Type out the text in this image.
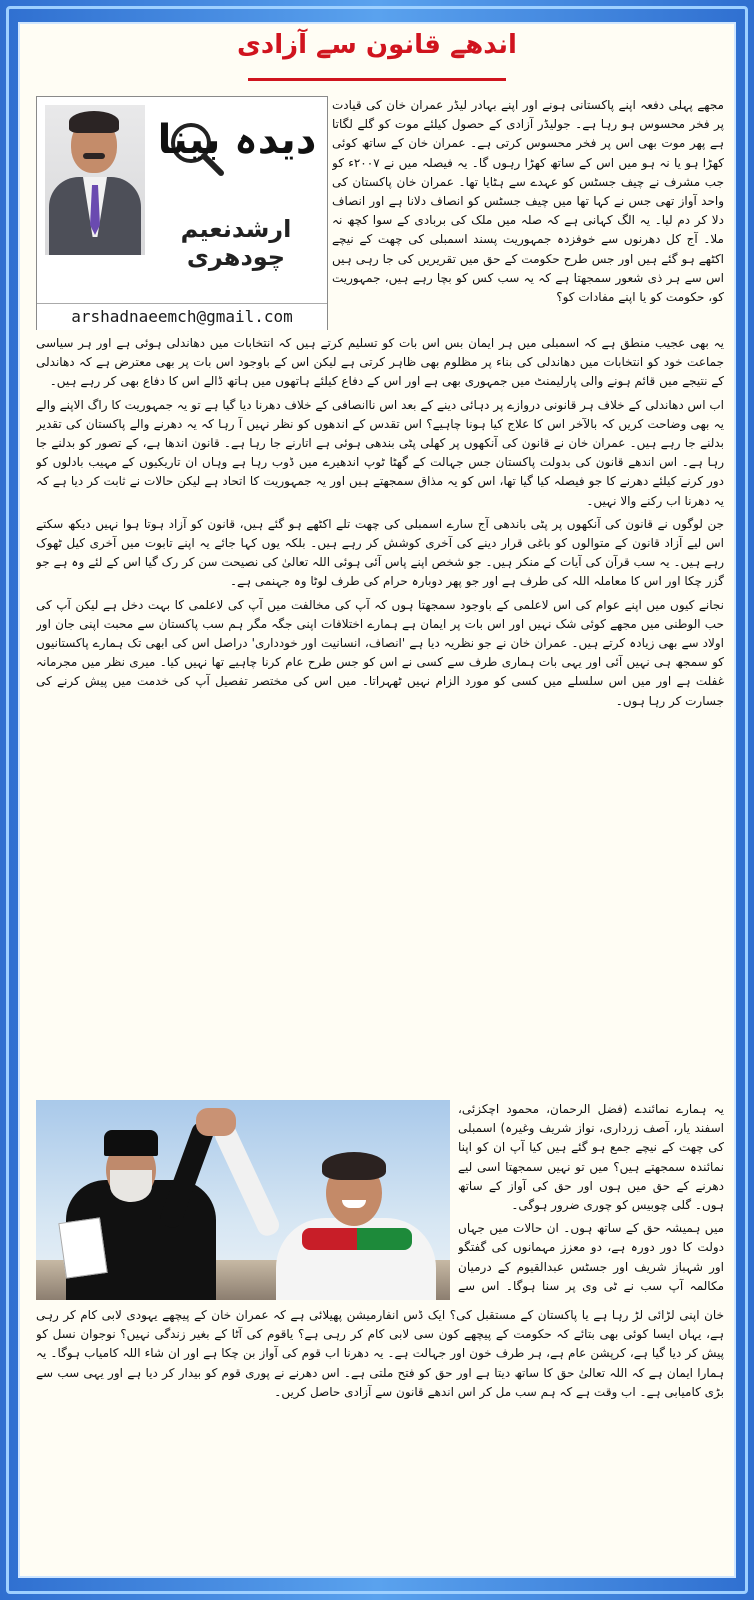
اندھے قانون سے آزادی
دیدہ بینا
ارشدنعیم چودھری
arshadnaeemch@gmail.com

مجھے پہلی دفعہ اپنے پاکستانی ہونے اور اپنے بہادر لیڈر عمران خان کی قیادت پر فخر محسوس ہو رہا ہے۔ جولیڈر آزادی کے حصول کیلئے موت کو گلے لگاتا ہے پھر موت بھی اس پر فخر محسوس کرتی ہے۔ عمران خان کے ساتھ کوئی کھڑا ہو یا نہ ہو میں اس کے ساتھ کھڑا رہوں گا۔ یہ فیصلہ میں نے ۲۰۰۷ء کو جب مشرف نے چیف جسٹس کو عہدے سے ہٹایا تھا۔ عمران خان پاکستان کی واحد آواز تھی جس نے کہا تھا میں چیف جسٹس کو انصاف دلانا ہے اور انصاف دلا کر دم لیا۔ یہ الگ کہانی ہے کہ صلہ میں ملک کی بربادی کے سوا کچھ نہ ملا۔ آج کل دھرنوں سے خوفزدہ جمہوریت پسند اسمبلی کی چھت کے نیچے اکٹھے ہو گئے ہیں اور جس طرح حکومت کے حق میں تقریریں کی جا رہی ہیں اس سے ہر ذی شعور سمجھتا ہے کہ یہ سب کس کو بچا رہے ہیں، جمہوریت کو، حکومت کو یا اپنے مفادات کو؟

یہ بھی عجیب منطق ہے کہ اسمبلی میں ہر ایمان بس اس بات کو تسلیم کرتے ہیں کہ انتخابات میں دھاندلی ہوئی ہے اور ہر سیاسی جماعت خود کو انتخابات میں دھاندلی کی بناء پر مظلوم بھی ظاہر کرتی ہے لیکن اس کے باوجود اس بات پر بھی معترض ہے کہ دھاندلی کے نتیجے میں قائم ہونے والی پارلیمنٹ میں جمہوری بھی ہے اور اس کے دفاع کیلئے ہاتھوں میں ہاتھ ڈالے اس کا دفاع بھی کر رہے ہیں۔

اب اس دھاندلی کے خلاف ہر قانونی دروازے پر دہائی دینے کے بعد اس ناانصافی کے خلاف دھرنا دیا گیا ہے تو یہ جمہوریت کا راگ الاپنے والے یہ بھی وضاحت کریں کہ بالآخر اس کا علاج کیا ہونا چاہیے؟ اس تقدس کے اندھوں کو نظر نہیں آ رہا کہ یہ دھرنے والے پاکستان کی تقدیر بدلنے جا رہے ہیں۔ عمران خان نے قانون کی آنکھوں پر کھلی پٹی بندھی ہوئی ہے اتارنے جا رہا ہے۔ قانون اندھا ہے، کے تصور کو بدلنے جا رہا ہے۔ اس اندھے قانون کی بدولت پاکستان جس جہالت کے گھٹا ٹوپ اندھیرے میں ڈوب رہا ہے وہاں ان تاریکیوں کے مہیب بادلوں کو دور کرنے کیلئے دھرنے کا جو فیصلہ کیا گیا تھا، اس کو یہ مذاق سمجھتے ہیں اور یہ جمہوریت کا اتحاد ہے لیکن حالات نے ثابت کر دیا ہے کہ یہ دھرنا اب رکنے والا نہیں۔

جن لوگوں نے قانون کی آنکھوں پر پٹی باندھی آج سارے اسمبلی کی چھت تلے اکٹھے ہو گئے ہیں، قانون کو آزاد ہوتا ہوا نہیں دیکھ سکتے اس لیے آزاد قانون کے متوالوں کو باغی قرار دینے کی آخری کوشش کر رہے ہیں۔ بلکہ یوں کہا جائے یہ اپنے تابوت میں آخری کیل ٹھوک رہے ہیں۔ یہ سب قرآن کی آیات کے منکر ہیں۔ جو شخص اپنے پاس آئی ہوئی اللہ تعالیٰ کی نصیحت سن کر رک گیا اس کے لئے وہ ہے جو گزر چکا اور اس کا معاملہ اللہ کی طرف ہے اور جو پھر دوبارہ حرام کی طرف لوٹا وہ جہنمی ہے۔

نجانے کیوں میں اپنے عوام کی اس لاعلمی کے باوجود سمجھتا ہوں کہ آپ کی مخالفت میں آپ کی لاعلمی کا بہت دخل ہے لیکن آپ کی حب الوطنی میں مجھے کوئی شک نہیں اور اس بات پر ایمان ہے ہمارے اختلافات اپنی جگہ مگر ہم سب پاکستان سے محبت اپنی جان اور اولاد سے بھی زیادہ کرتے ہیں۔ عمران خان نے جو نظریہ دیا ہے 'انصاف، انسانیت اور خودداری' دراصل اس کی ابھی تک ہمارے پاکستانیوں کو سمجھ ہی نہیں آئی اور یہی بات ہماری طرف سے کسی نے اس کو جس طرح عام کرنا چاہیے تھا نہیں کیا۔ میری نظر میں مجرمانہ غفلت ہے اور میں اس سلسلے میں کسی کو مورد الزام نہیں ٹھہراتا۔ میں اس کی مختصر تفصیل آپ کی خدمت میں پیش کرنے کی جسارت کر رہا ہوں۔

یہ ہمارے نمائندے (فضل الرحمان، محمود اچکزئی، اسفند یار، آصف زرداری، نواز شریف وغیرہ) اسمبلی کی چھت کے نیچے جمع ہو گئے ہیں کیا آپ ان کو اپنا نمائندہ سمجھتے ہیں؟ میں تو نہیں سمجھتا اسی لیے دھرنے کے حق میں ہوں اور حق کی آواز کے ساتھ ہوں۔ گلی چوبیس کو چوری ضرور ہوگی۔

میں ہمیشہ حق کے ساتھ ہوں۔ ان حالات میں جہاں دولت کا دور دورہ ہے، دو معزز مہمانوں کی گفتگو اور شہباز شریف اور جسٹس عبدالقیوم کے درمیان مکالمہ آپ سب نے ٹی وی پر سنا ہوگا۔ اس سے

خان اپنی لڑائی لڑ رہا ہے یا پاکستان کے مستقبل کی؟ ایک ڈس انفارمیشن پھیلائی ہے کہ عمران خان کے پیچھے یہودی لابی کام کر رہی ہے، یہاں ایسا کوئی بھی بتائے کہ حکومت کے پیچھے کون سی لابی کام کر رہی ہے؟ یاقوم کی آٹا کے بغیر زندگی نہیں؟ نوجوان نسل کو پیش کر دیا گیا ہے، کرپشن عام ہے، ہر طرف خون اور جہالت ہے۔ یہ دھرنا اب قوم کی آواز بن چکا ہے اور ان شاء اللہ کامیاب ہوگا۔ یہ ہمارا ایمان ہے کہ اللہ تعالیٰ حق کا ساتھ دیتا ہے اور حق کو فتح ملتی ہے۔ اس دھرنے نے پوری قوم کو بیدار کر دیا ہے اور یہی سب سے بڑی کامیابی ہے۔ اب وقت ہے کہ ہم سب مل کر اس اندھے قانون سے آزادی حاصل کریں۔
